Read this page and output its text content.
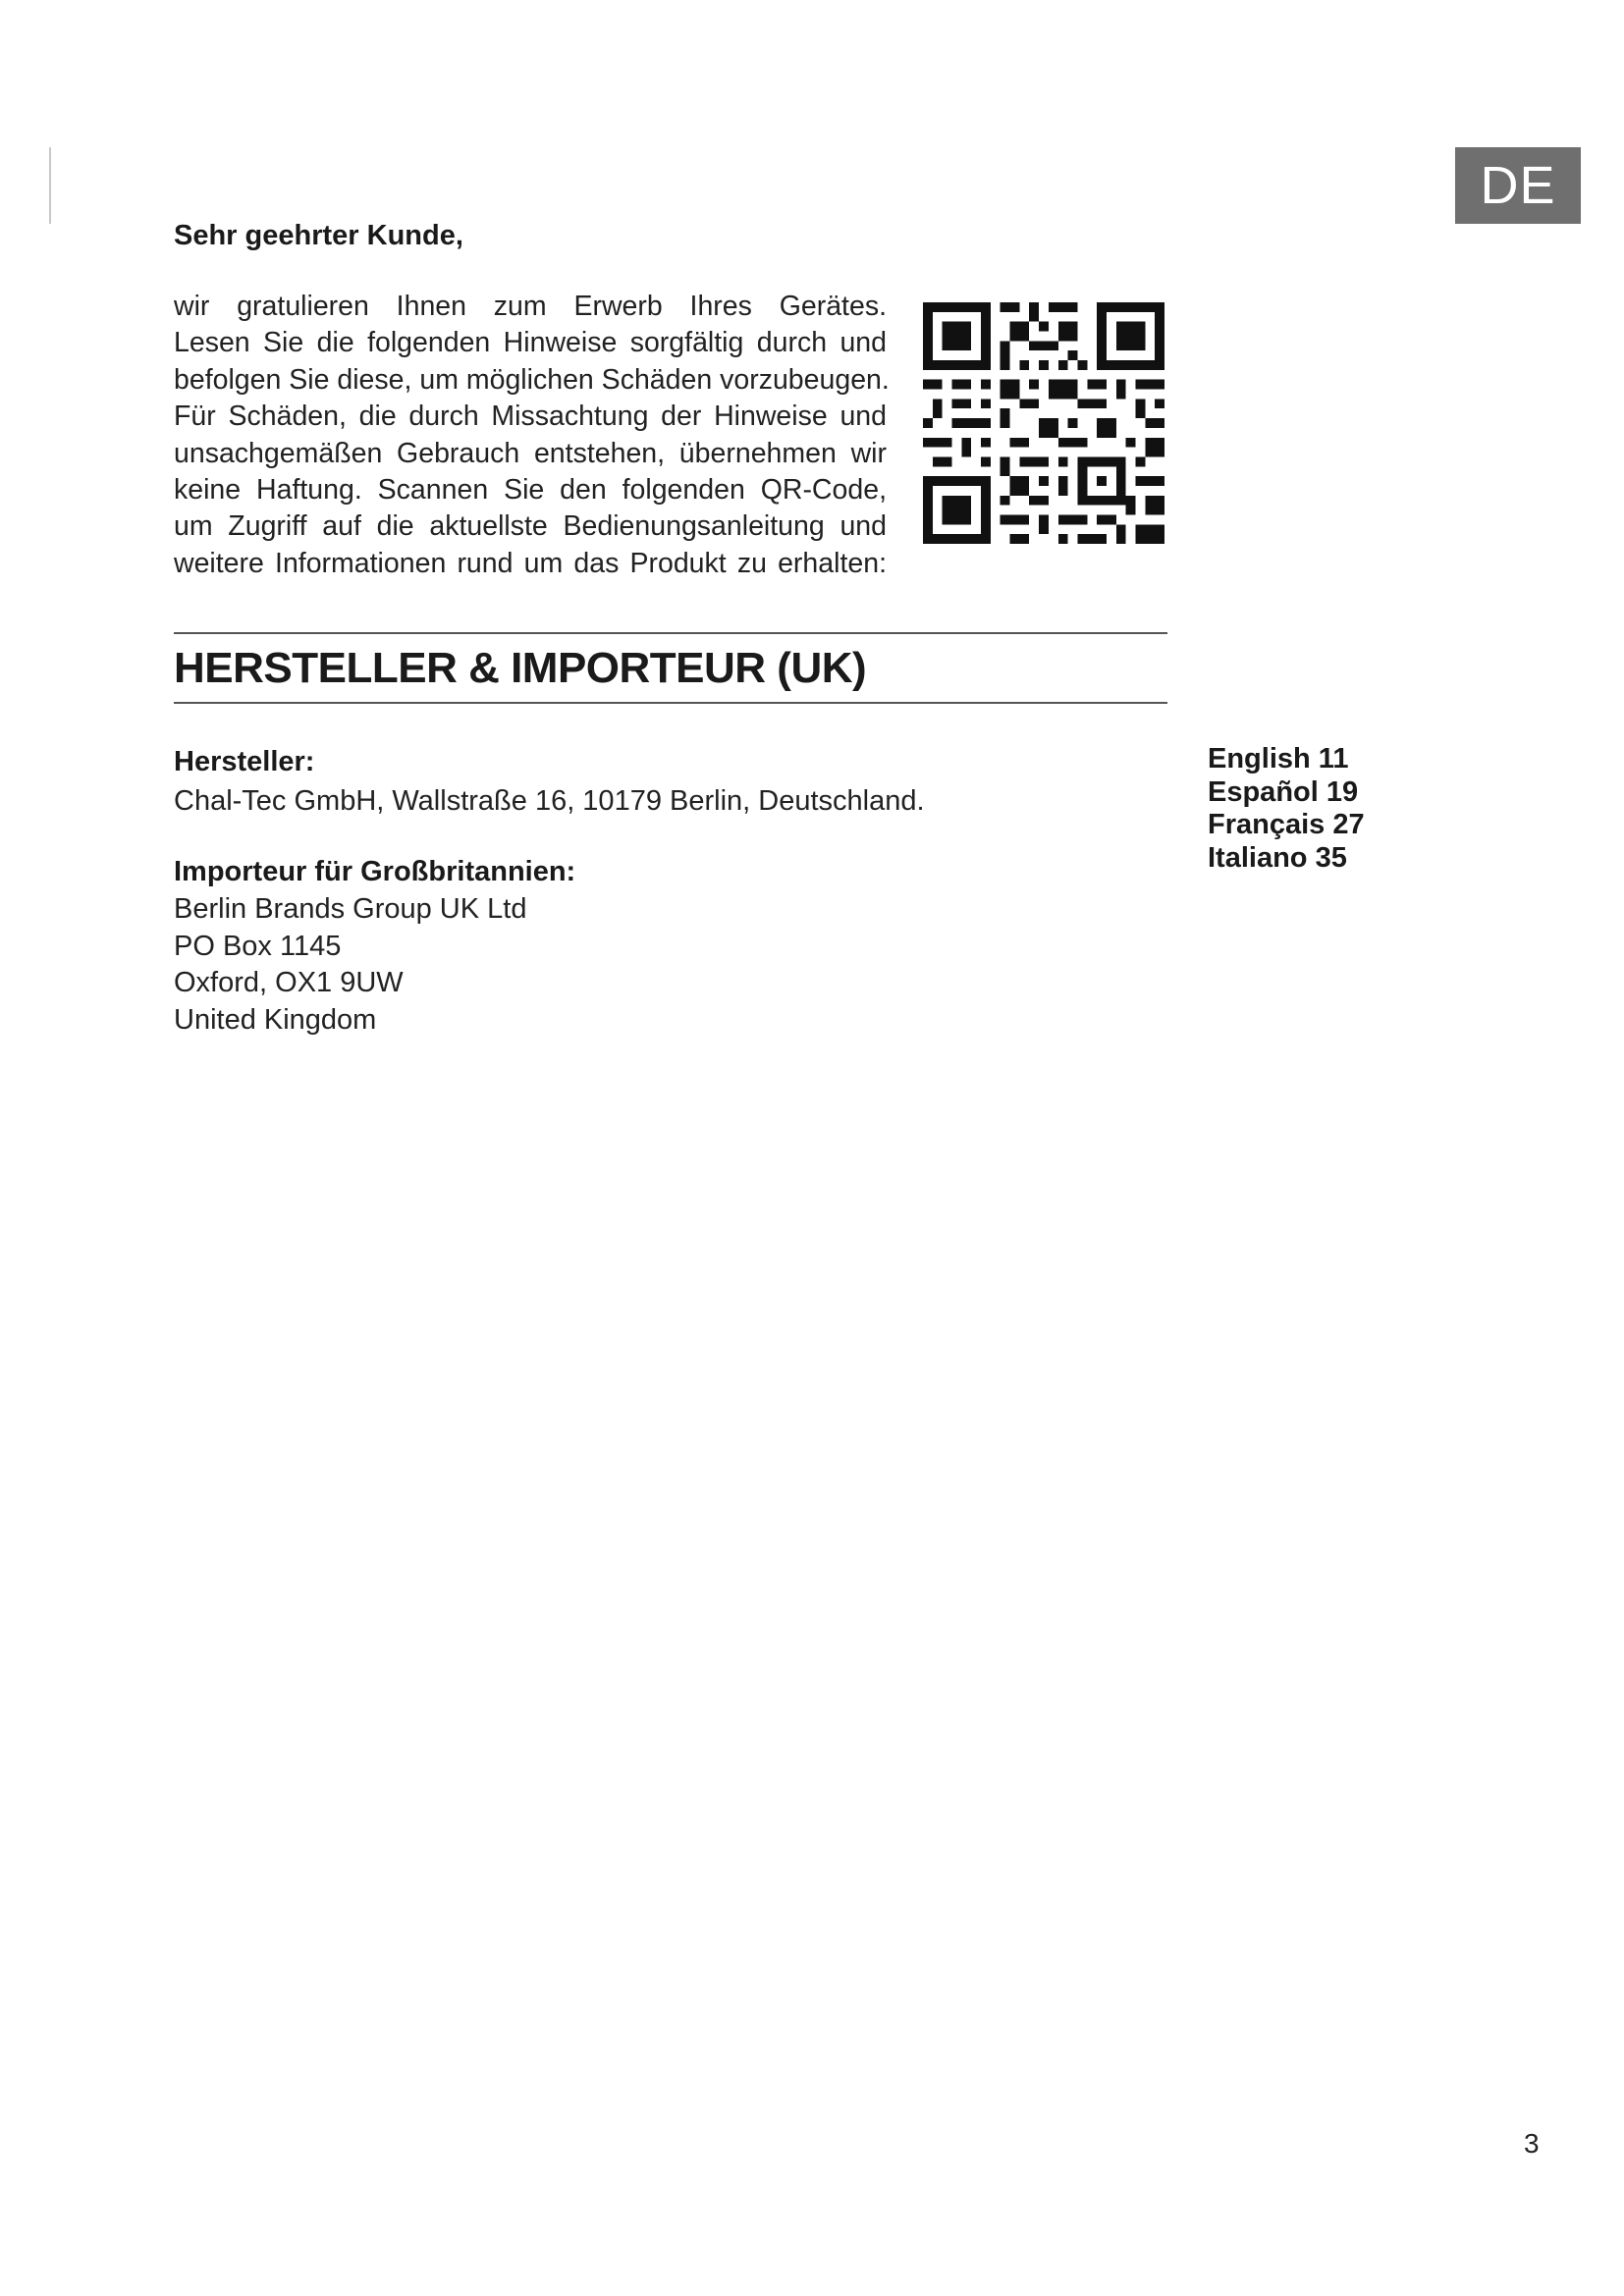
DE
Sehr geehrter Kunde,
wir gratulieren Ihnen zum Erwerb Ihres Gerätes.
Lesen Sie die folgenden Hinweise sorgfältig durch und
befolgen Sie diese, um möglichen Schäden vorzubeugen.
Für Schäden, die durch Missachtung der Hinweise und
unsachgemäßen Gebrauch entstehen, übernehmen wir
keine Haftung. Scannen Sie den folgenden QR-Code,
um Zugriff auf die aktuellste Bedienungsanleitung und
weitere Informationen rund um das Produkt zu erhalten:
HERSTELLER & IMPORTEUR (UK)
Hersteller:
Chal-Tec GmbH, Wallstraße 16, 10179 Berlin, Deutschland.
Importeur für Großbritannien:
Berlin Brands Group UK Ltd
PO Box 1145
Oxford, OX1 9UW
United Kingdom
English 11
Español 19
Français 27
Italiano 35
3
